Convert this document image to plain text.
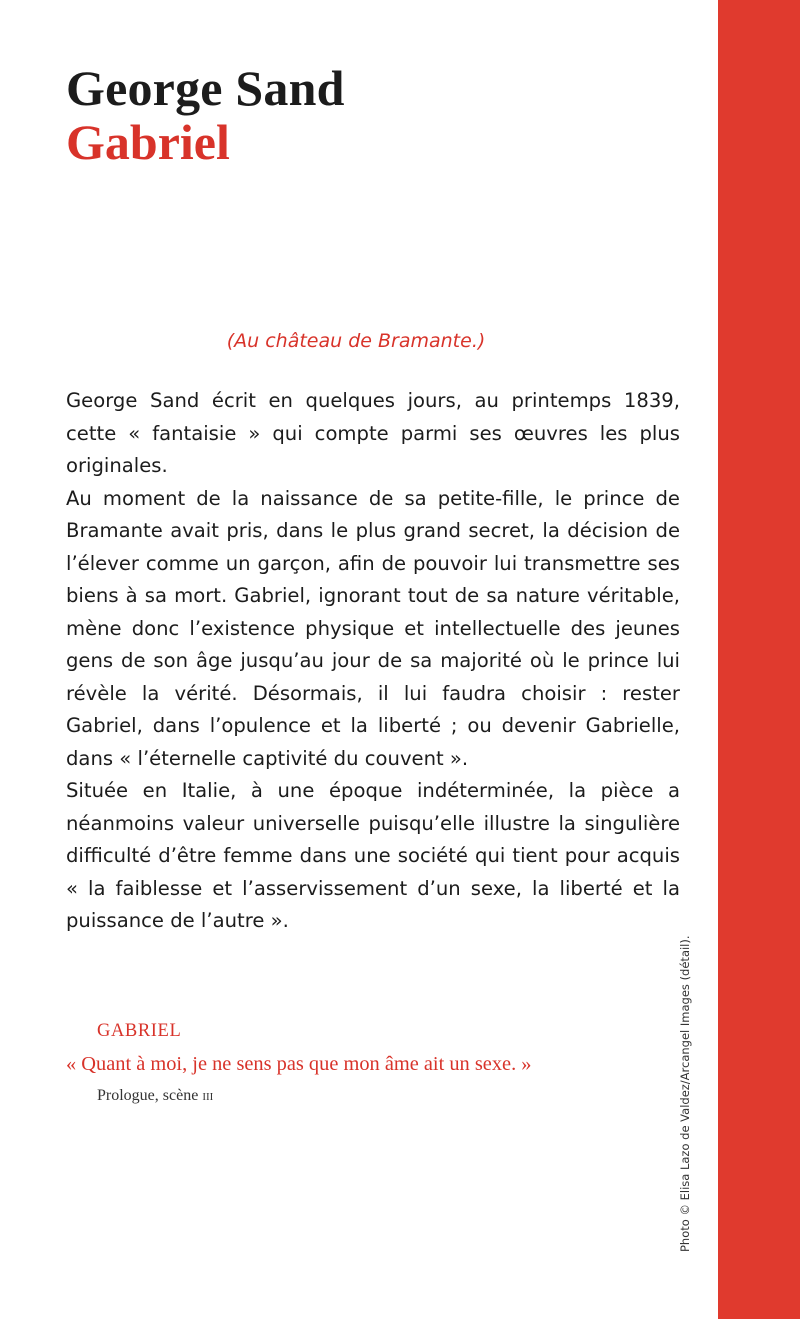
George Sand
Gabriel
(Au château de Bramante.)

George Sand écrit en quelques jours, au printemps 1839, cette « fantaisie » qui compte parmi ses œuvres les plus originales.

Au moment de la naissance de sa petite-fille, le prince de Bramante avait pris, dans le plus grand secret, la décision de l’élever comme un garçon, afin de pouvoir lui transmettre ses biens à sa mort. Gabriel, ignorant tout de sa nature véritable, mène donc l’existence physique et intellectuelle des jeunes gens de son âge jusqu’au jour de sa majorité où le prince lui révèle la vérité. Désormais, il lui faudra choisir : rester Gabriel, dans l’opulence et la liberté ; ou devenir Gabrielle, dans « l’éternelle captivité du couvent ».

Située en Italie, à une époque indéterminée, la pièce a néanmoins valeur universelle puisqu’elle illustre la singulière difficulté d’être femme dans une société qui tient pour acquis « la faiblesse et l’asservissement d’un sexe, la liberté et la puissance de l’autre ».

GABRIEL
« Quant à moi, je ne sens pas que mon âme ait un sexe. »
Prologue, scène iii	Photo © Elisa Lazo de Valdez/Arcangel Images (détail).
